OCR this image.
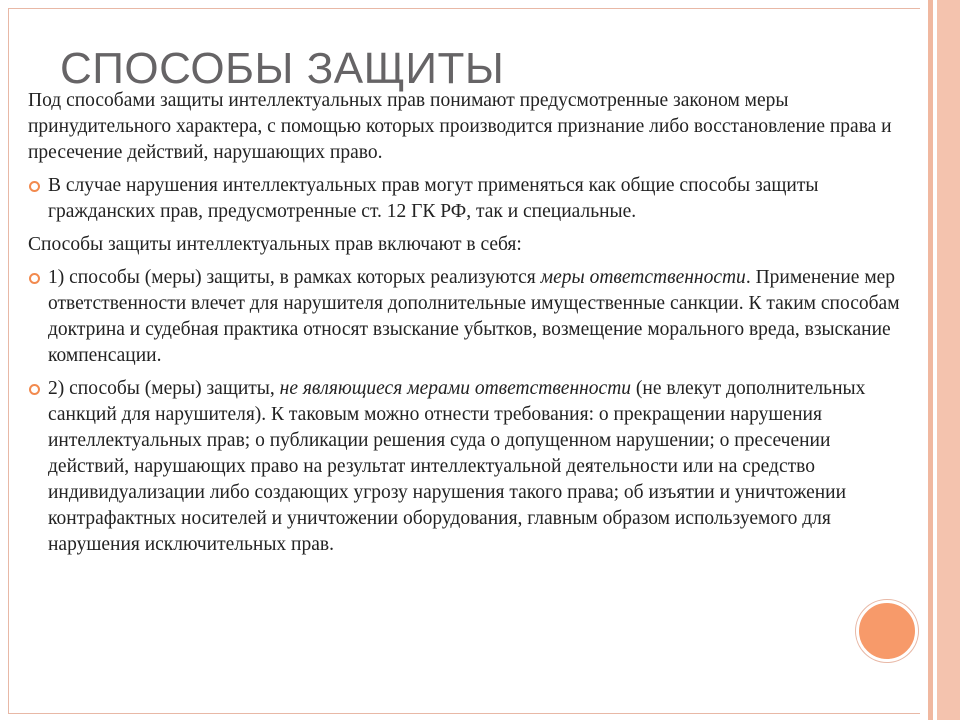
СПОСОБЫ ЗАЩИТЫ

Под способами защиты интеллектуальных прав понимают предусмотренные законом меры принудительного характера, с помощью которых производится признание либо восстановление права и пресечение действий, нарушающих право.

В случае нарушения интеллектуальных прав могут применяться как общие способы защиты гражданских прав, предусмотренные ст. 12 ГК РФ, так и специальные.

Способы защиты интеллектуальных прав включают в себя:

1) способы (меры) защиты, в рамках которых реализуются меры ответственности. Применение мер ответственности влечет для нарушителя дополнительные имущественные санкции. К таким способам доктрина и судебная практика относят взыскание убытков, возмещение морального вреда, взыскание компенсации.
2) способы (меры) защиты, не являющиеся мерами ответственности (не влекут дополнительных санкций для нарушителя). К таковым можно отнести требования: о прекращении нарушения интеллектуальных прав; о публикации решения суда о допущенном нарушении; о пресечении действий, нарушающих право на результат интеллектуальной деятельности или на средство индивидуализации либо создающих угрозу нарушения такого права; об изъятии и уничтожении контрафактных носителей и уничтожении оборудования, главным образом используемого для нарушения исключительных прав.
